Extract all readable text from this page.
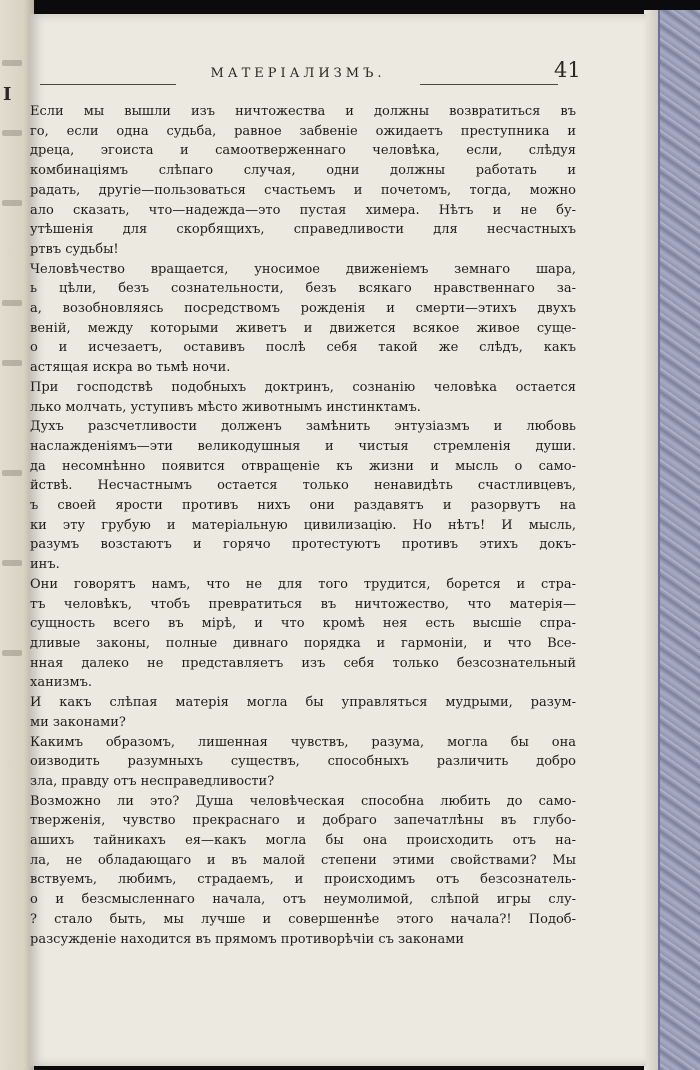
I
МАТЕРІАЛИЗМЪ.	41
Если мы вышли изъ ничтожества и должны возвратиться въ
го, если одна судьба, равное забвеніе ожидаетъ преступника и
дреца, эгоиста и самоотверженнаго человѣка, если, слѣдуя
комбинаціямъ слѣпаго случая, одни должны работать и
радать, другіе—пользоваться счастьемъ и почетомъ, тогда, можно
ало сказать, что—надежда—это пустая химера. Нѣтъ и не бу-
утѣшенія для скорбящихъ, справедливости для несчастныхъ
ртвъ судьбы!
Человѣчество вращается, уносимое движеніемъ земнаго шара,
ь цѣли, безъ сознательности, безъ всякаго нравственнаго за-
а, возобновляясь посредствомъ рожденія и смерти—этихъ двухъ
веній, между которыми живетъ и движется всякое живое суще-
о и исчезаетъ, оставивъ послѣ себя такой же слѣдъ, какъ
астящая искра во тьмѣ ночи.
При господствѣ подобныхъ доктринъ, сознанію человѣка остается
лько молчать, уступивъ мѣсто животнымъ инстинктамъ.
Духъ разсчетливости долженъ замѣнить энтузіазмъ и любовь
наслажденіямъ—эти великодушныя и чистыя стремленія души.
да несомнѣнно появится отвращеніе къ жизни и мысль о само-
йствѣ. Несчастнымъ остается только ненавидѣть счастливцевъ,
ъ своей ярости противъ нихъ они раздавятъ и разорвутъ на
ки эту грубую и матеріальную цивилизацію. Но нѣтъ! И мысль,
разумъ возстаютъ и горячо протестуютъ противъ этихъ докъ-
инъ.
Они говорятъ намъ, что не для того трудится, борется и стра-
тъ человѣкъ, чтобъ превратиться въ ничтожество, что матерія—
сущность всего въ мірѣ, и что кромѣ нея есть высшіе спра-
дливые законы, полные дивнаго порядка и гармоніи, и что Все-
нная далеко не представляетъ изъ себя только безсознательный
ханизмъ.
И какъ слѣпая матерія могла бы управляться мудрыми, разум-
ми законами?
Какимъ образомъ, лишенная чувствъ, разума, могла бы она
оизводить разумныхъ существъ, способныхъ различить добро
зла, правду отъ несправедливости?
Возможно ли это? Душа человѣческая способна любить до само-
тверженія, чувство прекраснаго и добраго запечатлѣны въ глубо-
ашихъ тайникахъ ея—какъ могла бы она происходить отъ на-
ла, не обладающаго и въ малой степени этими свойствами? Мы
вствуемъ, любимъ, страдаемъ, и происходимъ отъ безсознатель-
о и безсмысленнаго начала, отъ неумолимой, слѣпой игры слу-
? стало быть, мы лучше и совершеннѣе этого начала?! Подоб-
разсужденіе находится въ прямомъ противорѣчіи съ законами
